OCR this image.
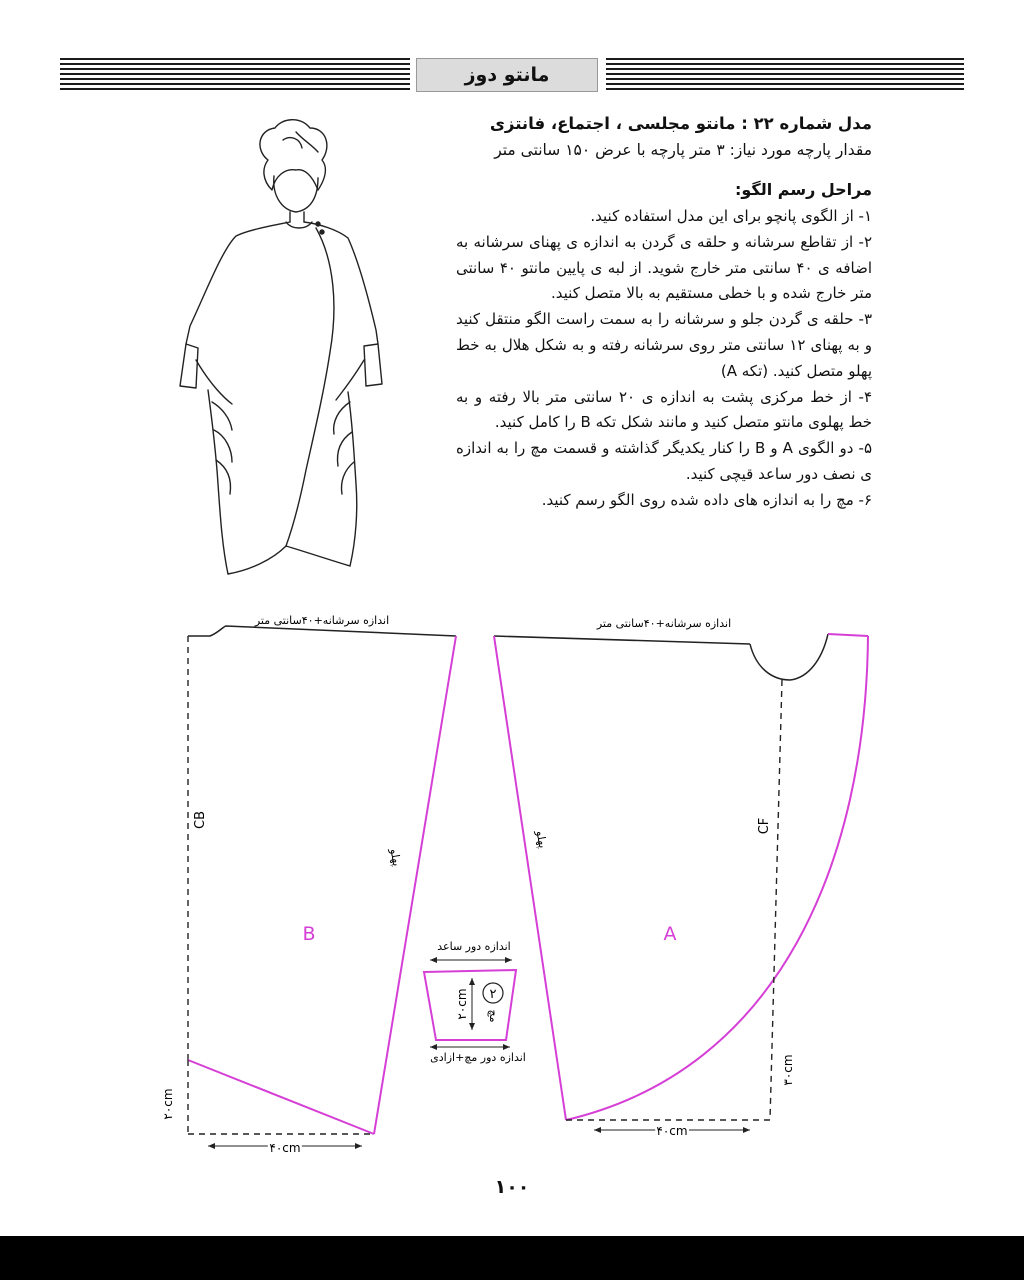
مانتو دوز
مدل شماره ۲۲ : مانتو مجلسی ، اجتماع، فانتزی
مقدار پارچه مورد نیاز: ۳ متر پارچه با عرض ۱۵۰ سانتی متر
مراحل رسم الگو:

۱- از الگوی پانچو برای این مدل استفاده کنید.

۲- از تقاطع سرشانه و حلقه ی گردن به اندازه ی پهنای سرشانه به اضافه ی ۴۰ سانتی متر خارج شوید. از لبه ی پایین مانتو ۴۰ سانتی متر خارج شده و با خطی مستقیم به بالا متصل کنید.

۳- حلقه ی گردن جلو و سرشانه را به سمت راست الگو منتقل کنید و به پهنای ۱۲ سانتی متر روی سرشانه رفته و به شکل هلال به خط پهلو متصل کنید. (تکه A)

۴- از خط مرکزی پشت به اندازه ی ۲۰ سانتی متر بالا رفته و به خط پهلوی مانتو متصل کنید و مانند شکل تکه B را کامل کنید.

۵- دو الگوی A و B را کنار یکدیگر گذاشته و قسمت مچ را به اندازه ی نصف دور ساعد قیچی کنید.

۶- مچ را به اندازه های داده شده روی الگو رسم کنید.

اندازه سرشانه+۴۰سانتی متر
CB
پهلو
B
۲۰cm
۴۰cm
اندازه سرشانه+۴۰سانتی متر
CF
پهلو
A
۴۰cm
۳۰cm
اندازه دور ساعد
۲۰cm ۲
مچ
اندازه دور مچ+ازادی
۱۰۰
